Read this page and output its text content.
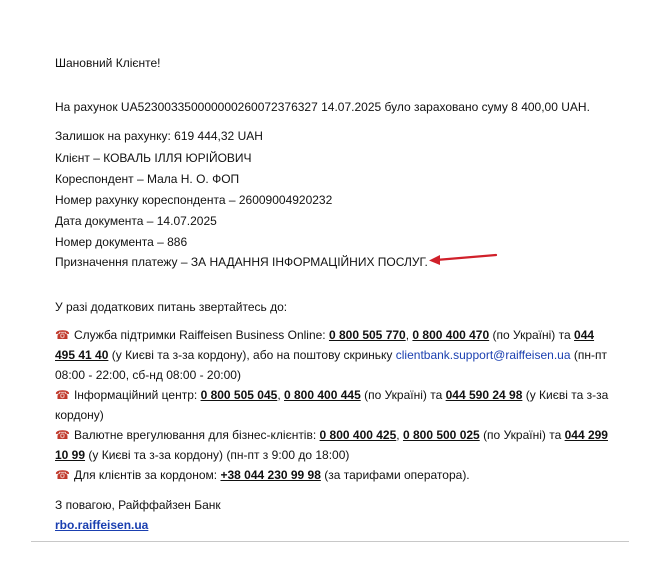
Шановний Клієнте!
На рахунок UA523003350000000260072376327 14.07.2025 було зараховано суму 8 400,00 UAH.
Залишок на рахунку: 619 444,32 UAH
Клієнт – КОВАЛЬ ІЛЛЯ ЮРІЙОВИЧ
Кореспондент – Мала Н. О. ФОП
Номер рахунку кореспондента – 26009004920232
Дата документа – 14.07.2025
Номер документа – 886
Призначення платежу – ЗА НАДАННЯ ІНФОРМАЦІЙНИХ ПОСЛУГ.
У разі додаткових питань звертайтесь до:
☎ Служба підтримки Raiffeisen Business Online: 0 800 505 770, 0 800 400 470 (по Україні) та 044 495 41 40 (у Києві та з-за кордону), або на поштову скриньку clientbank.support@raiffeisen.ua (пн-пт 08:00 - 22:00, сб-нд 08:00 - 20:00)
☎ Інформаційний центр: 0 800 505 045, 0 800 400 445 (по Україні) та 044 590 24 98 (у Києві та з-за кордону)
☎ Валютне врегулювання для бізнес-клієнтів: 0 800 400 425, 0 800 500 025 (по Україні) та 044 299 10 99 (у Києві та з-за кордону) (пн-пт з 9:00 до 18:00)
☎ Для клієнтів за кордоном: +38 044 230 99 98 (за тарифами оператора).
З повагою, Райффайзен Банк
rbo.raiffeisen.ua
